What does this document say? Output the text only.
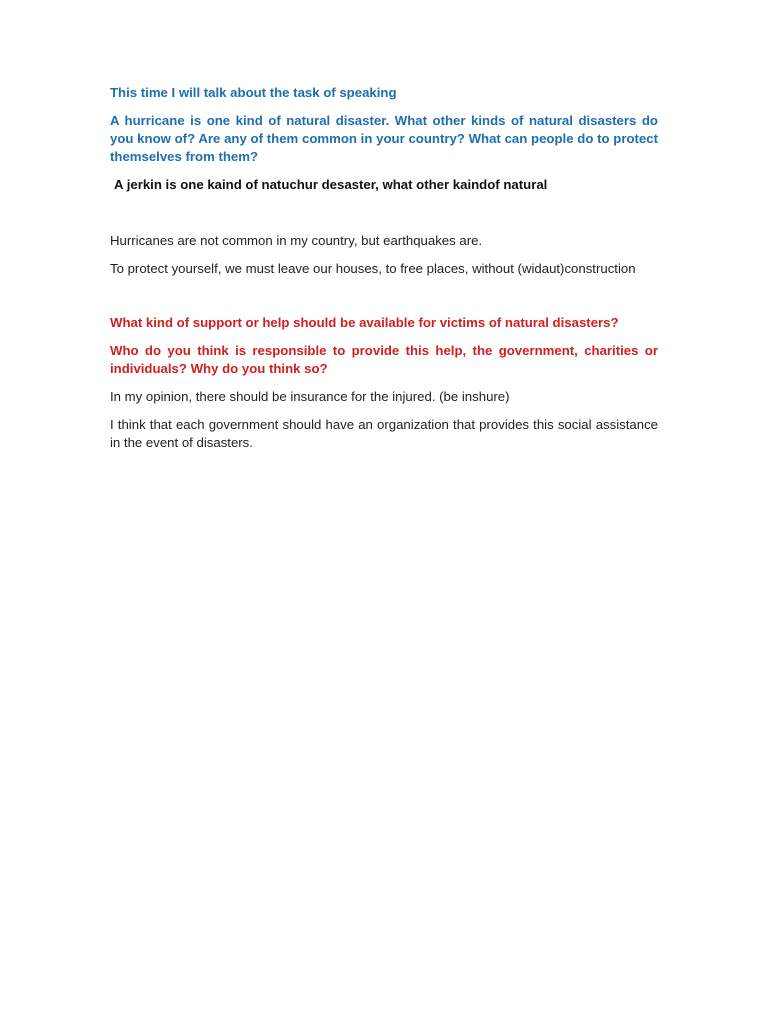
This time I will talk about the task of speaking

A hurricane is one kind of natural disaster. What other kinds of natural disasters do you know of? Are any of them common in your country? What can people do to protect themselves from them?

A jerkin is one kaind of natuchur desaster, what other kaindof natural

Hurricanes are not common in my country, but earthquakes are.

To protect yourself, we must leave our houses, to free places, without (widaut)construction

What kind of support or help should be available for victims of natural disasters?

Who do you think is responsible to provide this help, the government, charities or individuals? Why do you think so?

In my opinion, there should be insurance for the injured. (be inshure)

I think that each government should have an organization that provides this social assistance in the event of disasters.
